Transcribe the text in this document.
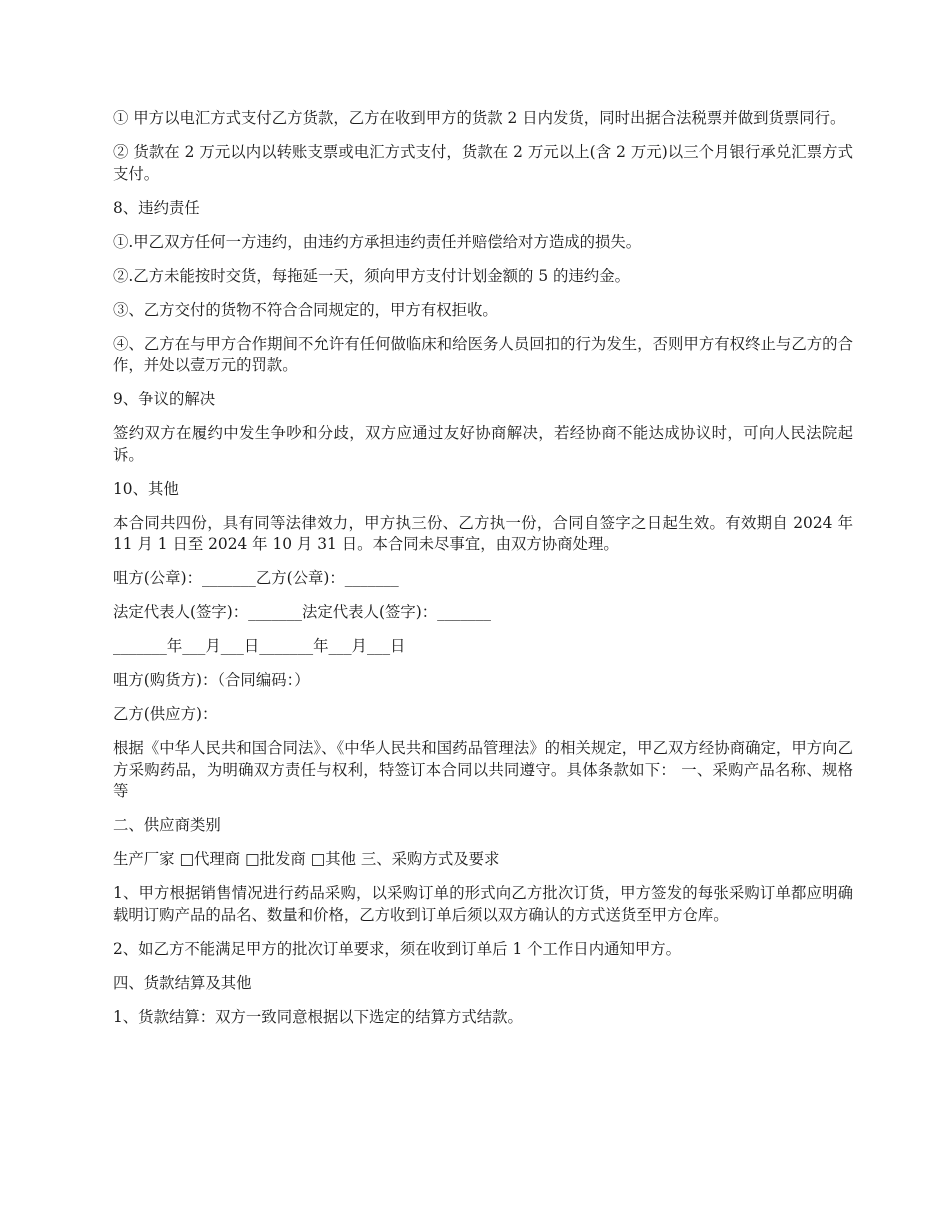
① 甲方以电汇方式支付乙方货款，乙方在收到甲方的货款 2 日内发货，同时出据合法税票并做到货票同行。

② 货款在 2 万元以内以转账支票或电汇方式支付，货款在 2 万元以上(含 2 万元)以三个月银行承兑汇票方式支付。

8、违约责任

①.甲乙双方任何一方违约，由违约方承担违约责任并赔偿给对方造成的损失。

②.乙方未能按时交货，每拖延一天，须向甲方支付计划金额的 5 的违约金。

③、乙方交付的货物不符合合同规定的，甲方有权拒收。

④、乙方在与甲方合作期间不允许有任何做临床和给医务人员回扣的行为发生，否则甲方有权终止与乙方的合作，并处以壹万元的罚款。

9、争议的解决

签约双方在履约中发生争吵和分歧，双方应通过友好协商解决，若经协商不能达成协议时，可向人民法院起诉。

10、其他

本合同共四份，具有同等法律效力，甲方执三份、乙方执一份，合同自签字之日起生效。有效期自 2024 年 11 月 1 日至 2024 年 10 月 31 日。本合同未尽事宜，由双方协商处理。

咀方(公章)：_______乙方(公章)：_______

法定代表人(签字)：_______法定代表人(签字)：_______

_______年___月___日_______年___月___日

咀方(购货方)：（合同编码：）

乙方(供应方)：

根据《中华人民共和国合同法》、《中华人民共和国药品管理法》的相关规定，甲乙双方经协商确定，甲方向乙方采购药品，为明确双方责任与权利，特签订本合同以共同遵守。具体条款如下： 一、采购产品名称、规格等

二、供应商类别

生产厂家 □代理商 □批发商 □其他 三、采购方式及要求

1、甲方根据销售情况进行药品采购，以采购订单的形式向乙方批次订货，甲方签发的每张采购订单都应明确载明订购产品的品名、数量和价格，乙方收到订单后须以双方确认的方式送货至甲方仓库。

2、如乙方不能满足甲方的批次订单要求，须在收到订单后 1 个工作日内通知甲方。

四、货款结算及其他

1、货款结算：双方一致同意根据以下选定的结算方式结款。
